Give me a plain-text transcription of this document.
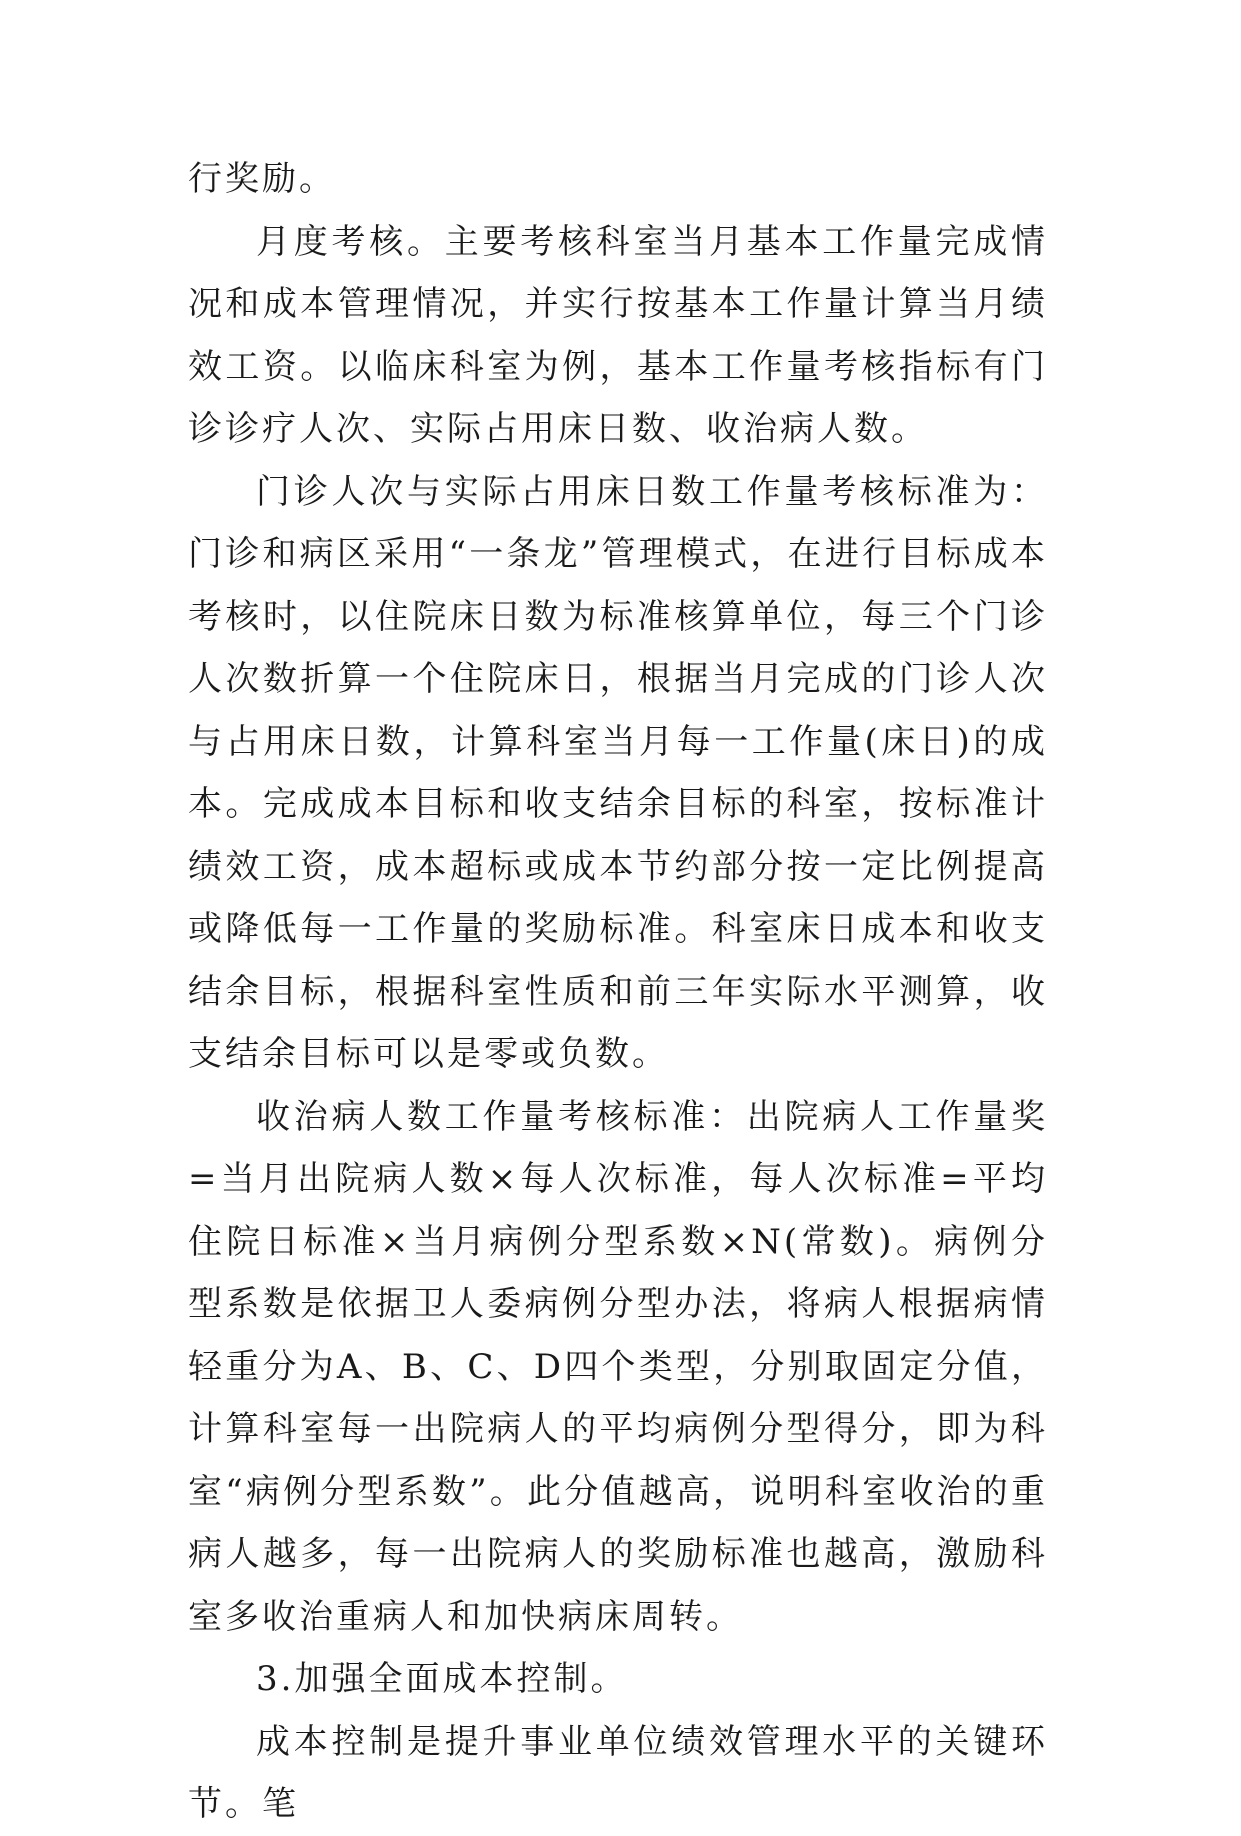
行奖励。

月度考核。主要考核科室当月基本工作量完成情况和成本管理情况，并实行按基本工作量计算当月绩效工资。以临床科室为例，基本工作量考核指标有门诊诊疗人次、实际占用床日数、收治病人数。

门诊人次与实际占用床日数工作量考核标准为：门诊和病区采用“一条龙”管理模式，在进行目标成本考核时，以住院床日数为标准核算单位，每三个门诊人次数折算一个住院床日，根据当月完成的门诊人次与占用床日数，计算科室当月每一工作量(床日)的成本。完成成本目标和收支结余目标的科室，按标准计绩效工资，成本超标或成本节约部分按一定比例提高或降低每一工作量的奖励标准。科室床日成本和收支结余目标，根据科室性质和前三年实际水平测算，收支结余目标可以是零或负数。

收治病人数工作量考核标准：出院病人工作量奖=当月出院病人数×每人次标准，每人次标准=平均住院日标准×当月病例分型系数×N(常数)。病例分型系数是依据卫人委病例分型办法，将病人根据病情轻重分为A、B、C、D四个类型，分别取固定分值，计算科室每一出院病人的平均病例分型得分，即为科室“病例分型系数”。此分值越高，说明科室收治的重病人越多，每一出院病人的奖励标准也越高，激励科室多收治重病人和加快病床周转。

3.加强全面成本控制。

成本控制是提升事业单位绩效管理水平的关键环节。笔
